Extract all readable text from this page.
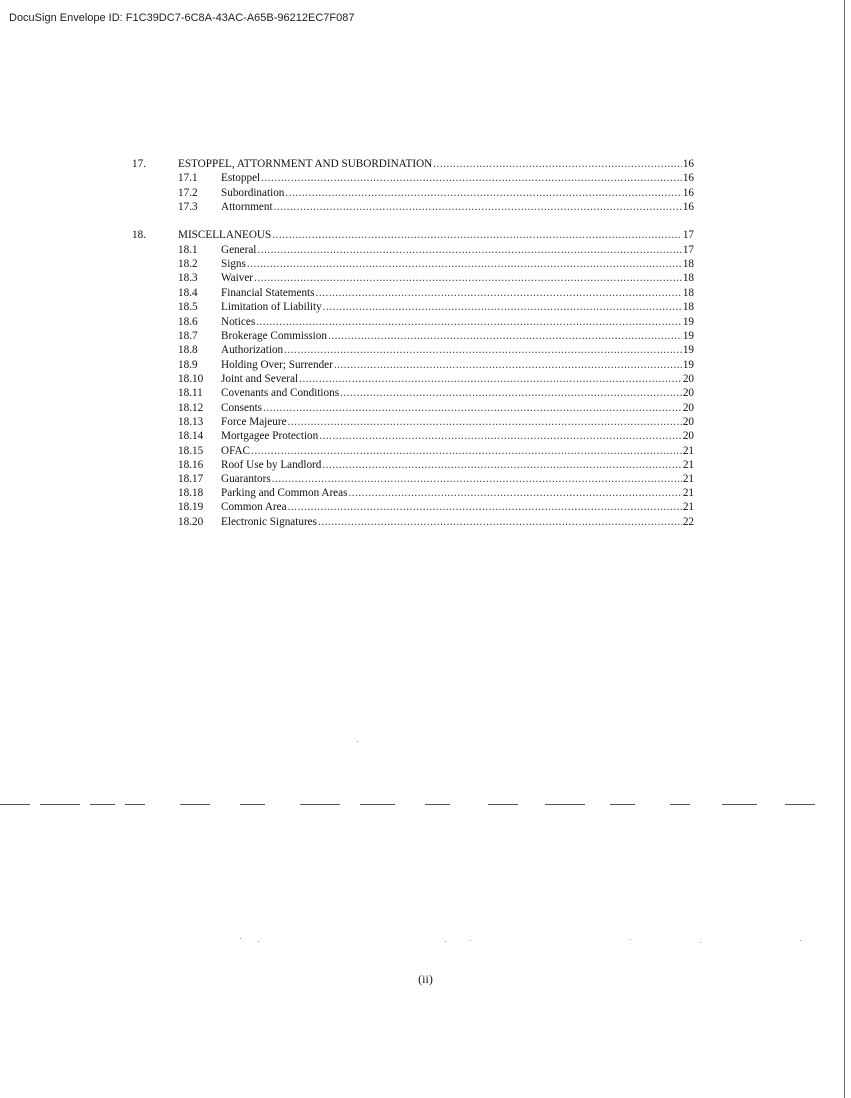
DocuSign Envelope ID: F1C39DC7-6C8A-43AC-A65B-96212EC7F087
17.	ESTOPPEL, ATTORNMENT AND SUBORDINATION .....	16
17.1	Estoppel .....	16
17.2	Subordination .....	16
17.3	Attornment .....	16
18.	MISCELLANEOUS .....	17
18.1	General .....	17
18.2	Signs .....	18
18.3	Waiver .....	18
18.4	Financial Statements .....	18
18.5	Limitation of Liability .....	18
18.6	Notices .....	19
18.7	Brokerage Commission .....	19
18.8	Authorization .....	19
18.9	Holding Over; Surrender .....	19
18.10	Joint and Several .....	20
18.11	Covenants and Conditions .....	20
18.12	Consents .....	20
18.13	Force Majeure .....	20
18.14	Mortgagee Protection .....	20
18.15	OFAC .....	21
18.16	Roof Use by Landlord .....	21
18.17	Guarantors .....	21
18.18	Parking and Common Areas .....	21
18.19	Common Area .....	21
18.20	Electronic Signatures .....	22
(ii)
